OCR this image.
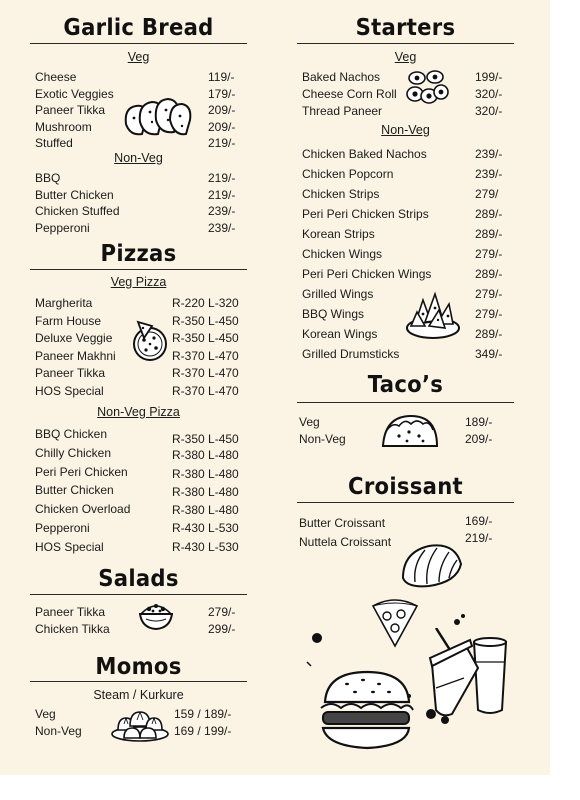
Garlic Bread
Veg
Cheese	119/-
Exotic Veggies	179/-
Paneer Tikka	209/-
Mushroom	209/-
Stuffed	219/-
Non-Veg
BBQ	219/-
Butter Chicken	219/-
Chicken Stuffed	239/-
Pepperoni	239/-
Pizzas
Veg Pizza
Margherita	R-220 L-320
Farm House	R-350 L-450
Deluxe Veggie	R-350 L-450
Paneer Makhni	R-370 L-470
Paneer Tikka	R-370 L-470
HOS Special	R-370 L-470
Non-Veg Pizza
BBQ Chicken	R-350 L-450
Chilly Chicken	R-380 L-480
Peri Peri Chicken	R-380 L-480
Butter Chicken	R-380 L-480
Chicken Overload	R-380 L-480
Pepperoni	R-430 L-530
HOS Special	R-430 L-530
Salads
Paneer Tikka	279/-
Chicken Tikka	299/-
Momos
Steam / Kurkure
Veg	159 / 189/-
Non-Veg	169 / 199/-
Starters
Veg
Baked Nachos	199/-
Cheese Corn Roll	320/-
Thread Paneer	320/-
Non-Veg
Chicken Baked Nachos	239/-
Chicken Popcorn	239/-
Chicken Strips	279/
Peri Peri Chicken Strips	289/-
Korean Strips	289/-
Chicken Wings	279/-
Peri Peri Chicken Wings	289/-
Grilled Wings	279/-
BBQ Wings	279/-
Korean Wings	289/-
Grilled Drumsticks	349/-
Taco’s
Veg	189/-
Non-Veg	209/-
Croissant
Butter Croissant	169/-
Nuttela Croissant	219/-
